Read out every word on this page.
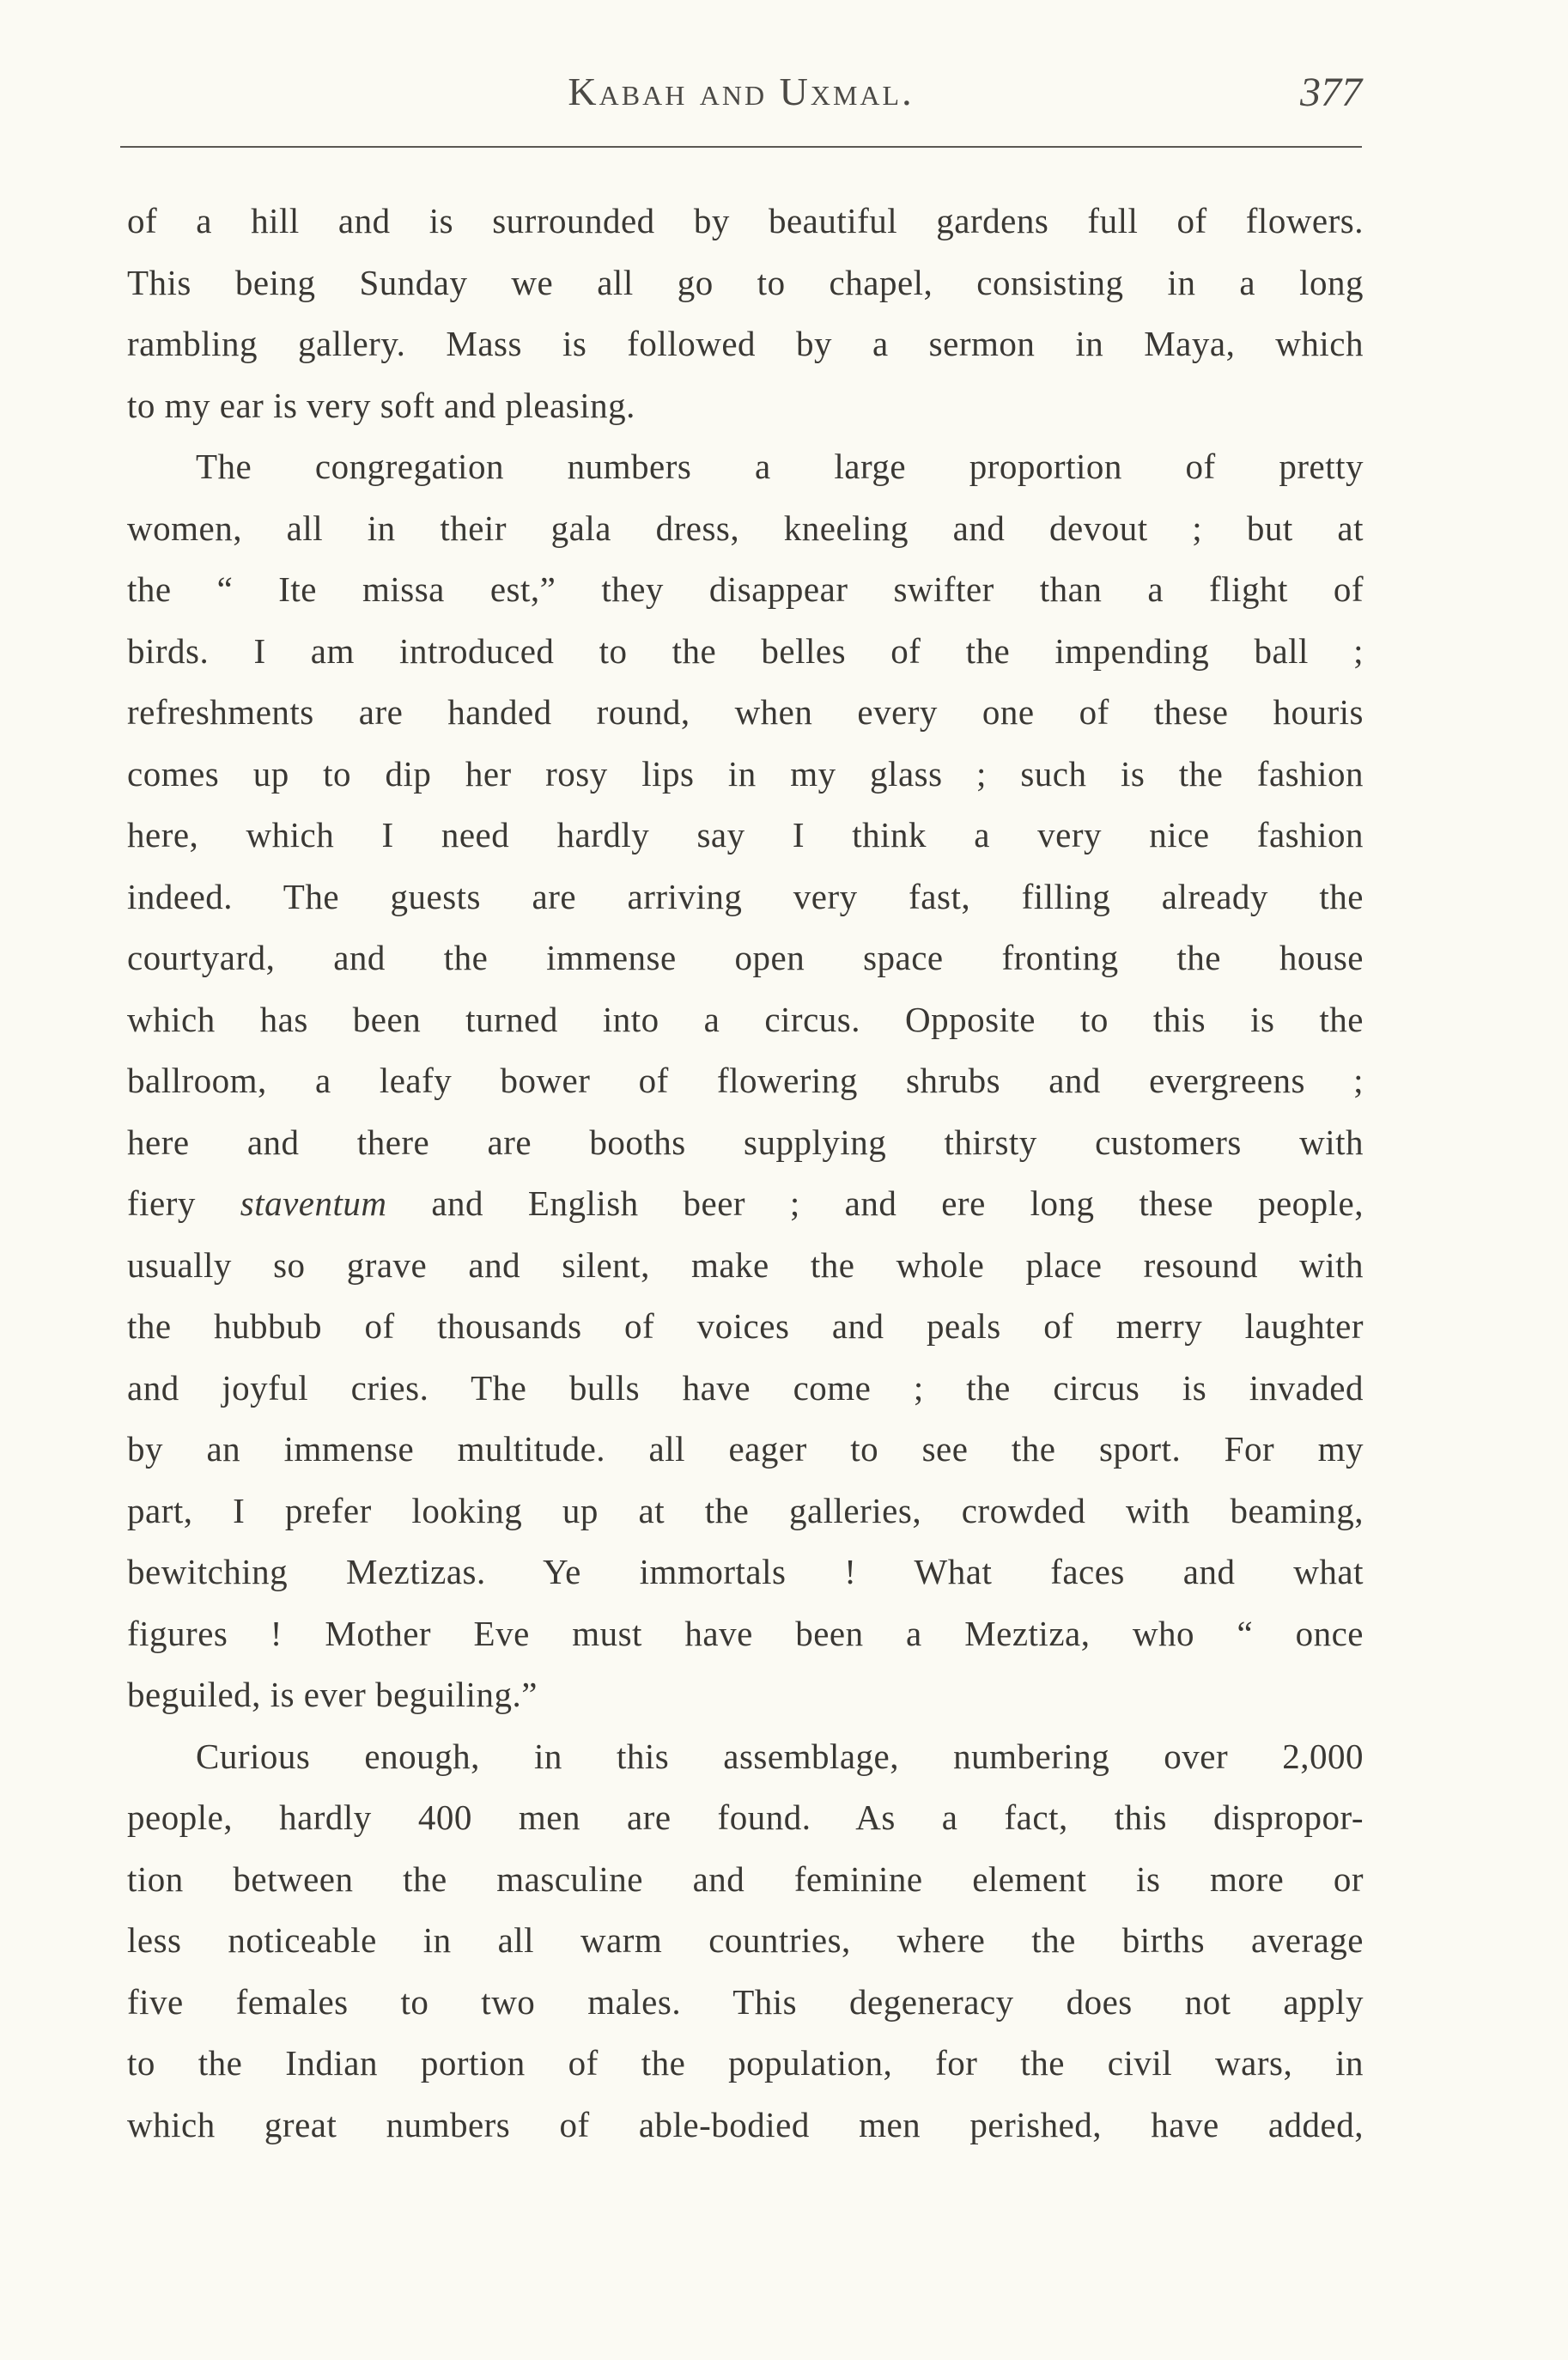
Kabah and Uxmal.	377
of a hill and is surrounded by beautiful gardens full of flowers.
This being Sunday we all go to chapel, consisting in a long
rambling gallery. Mass is followed by a sermon in Maya, which
to my ear is very soft and pleasing.
The congregation numbers a large proportion of pretty
women, all in their gala dress, kneeling and devout ; but at
the “ Ite missa est,” they disappear swifter than a flight of
birds. I am introduced to the belles of the impending ball ;
refreshments are handed round, when every one of these houris
comes up to dip her rosy lips in my glass ; such is the fashion
here, which I need hardly say I think a very nice fashion
indeed. The guests are arriving very fast, filling already the
courtyard, and the immense open space fronting the house
which has been turned into a circus. Opposite to this is the
ballroom, a leafy bower of flowering shrubs and evergreens ;
here and there are booths supplying thirsty customers with
fiery staventum and English beer ; and ere long these people,
usually so grave and silent, make the whole place resound with
the hubbub of thousands of voices and peals of merry laughter
and joyful cries. The bulls have come ; the circus is invaded
by an immense multitude. all eager to see the sport. For my
part, I prefer looking up at the galleries, crowded with beaming,
bewitching Meztizas. Ye immortals ! What faces and what
figures ! Mother Eve must have been a Meztiza, who “ once
beguiled, is ever beguiling.”
Curious enough, in this assemblage, numbering over 2,000
people, hardly 400 men are found. As a fact, this dispropor-
tion between the masculine and feminine element is more or
less noticeable in all warm countries, where the births average
five females to two males. This degeneracy does not apply
to the Indian portion of the population, for the civil wars, in
which great numbers of able-bodied men perished, have added,
